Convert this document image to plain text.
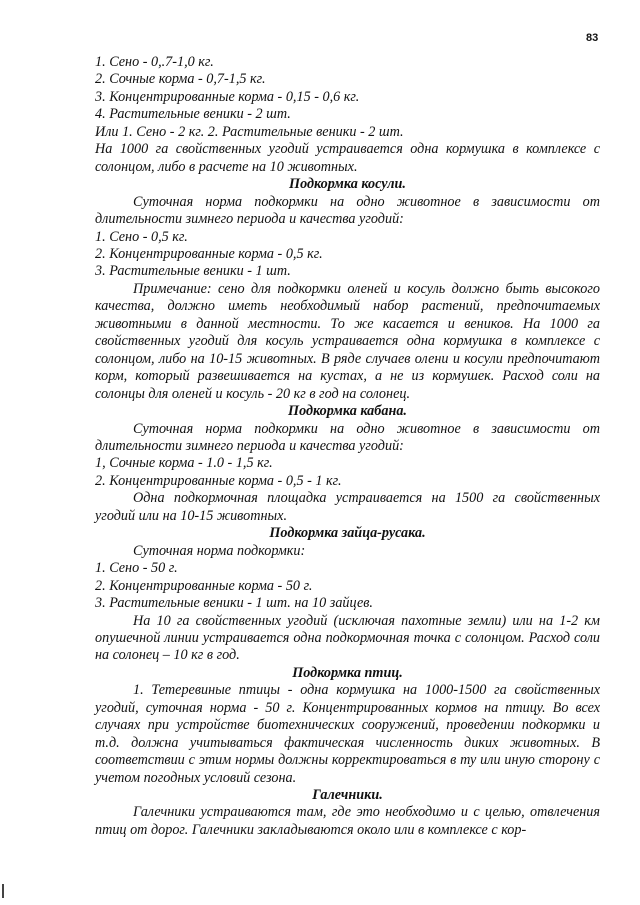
83

1. Сено - 0,.7-1,0 кг.

2. Сочные корма - 0,7-1,5 кг.

3. Концентрированные корма - 0,15 - 0,6 кг.

4. Растительные веники - 2 шт.

Или 1. Сено - 2 кг. 2. Растительные веники - 2 шт.

На 1000 га свойственных угодий устраивается одна кормушка в комплексе с солонцом, либо в расчете на 10 животных.

Подкормка косули.

Суточная норма подкормки на одно животное в зависимости от длительности зимнего периода и качества угодий:

1. Сено - 0,5 кг.

2. Концентрированные корма - 0,5 кг.

3. Растительные веники - 1 шт.

Примечание: сено для подкормки оленей и косуль должно быть высокого качества, должно иметь необходимый набор растений, предпочитаемых животными в данной местности. То же касается и веников. На 1000 га свойственных угодий для косуль устраивается одна кормушка в комплексе с солонцом, либо на 10-15 животных. В ряде случаев олени и косули предпочитают корм, который развешивается на кустах, а не из кормушек. Расход соли на солонцы для оленей и косуль - 20 кг в год на солонец.

Подкормка кабана.

Суточная норма подкормки на одно животное в зависимости от длительности зимнего периода и качества угодий:

1, Сочные корма - 1.0 - 1,5 кг.

2. Концентрированные корма - 0,5 - 1 кг.

Одна подкормочная площадка устраивается на 1500 га свойственных угодий или на 10-15 животных.

Подкормка зайца-русака.

Суточная норма подкормки:

1. Сено - 50 г.

2. Концентрированные корма - 50 г.

3. Растительные веники - 1 шт. на 10 зайцев.

На 10 га свойственных угодий (исключая пахотные земли) или на 1-2 км опушечной линии устраивается одна подкормочная точка с солонцом. Расход соли на солонец – 10 кг в год.

Подкормка птиц.

1. Тетеревиные птицы - одна кормушка на 1000-1500 га свойственных угодий, суточная норма - 50 г. Концентрированных кормов на птицу. Во всех случаях при устройстве биотехнических сооружений, проведении подкормки и т.д. должна учитываться фактическая численность диких животных. В соответствии с этим нормы должны корректироваться в ту или иную сторону с учетом погодных условий сезона.

Галечники.

Галечники устраиваются там, где это необходимо и с целью, отвлечения птиц от дорог. Галечники закладываются около или в комплексе с кор-
